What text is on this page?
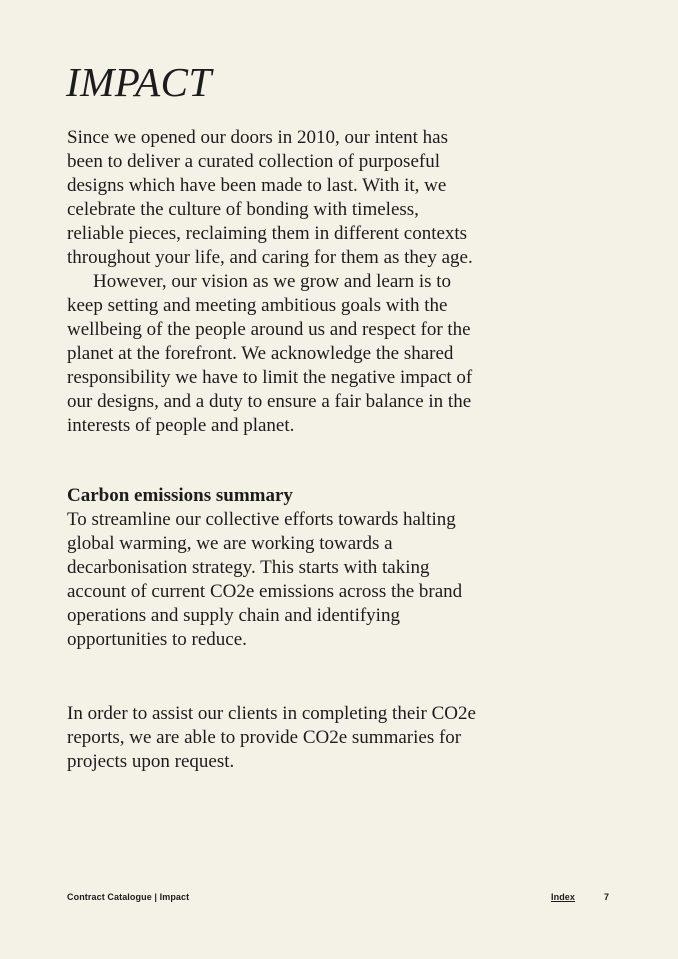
IMPACT

Since we opened our doors in 2010, our intent has been to deliver a curated collection of purposeful designs which have been made to last. With it, we celebrate the culture of bonding with timeless, reliable pieces, reclaiming them in different contexts throughout your life, and caring for them as they age.

However, our vision as we grow and learn is to keep setting and meeting ambitious goals with the wellbeing of the people around us and respect for the planet at the forefront. We acknowledge the shared responsibility we have to limit the negative impact of our designs, and a duty to ensure a fair balance in the interests of people and planet.

Carbon emissions summary

To streamline our collective efforts towards halting global warming, we are working towards a decarbonisation strategy. This starts with taking account of current CO2e emissions across the brand operations and supply chain and identifying opportunities to reduce.

In order to assist our clients in completing their CO2e reports, we are able to provide CO2e summaries for projects upon request.

Contract Catalogue | Impact	Index	7
